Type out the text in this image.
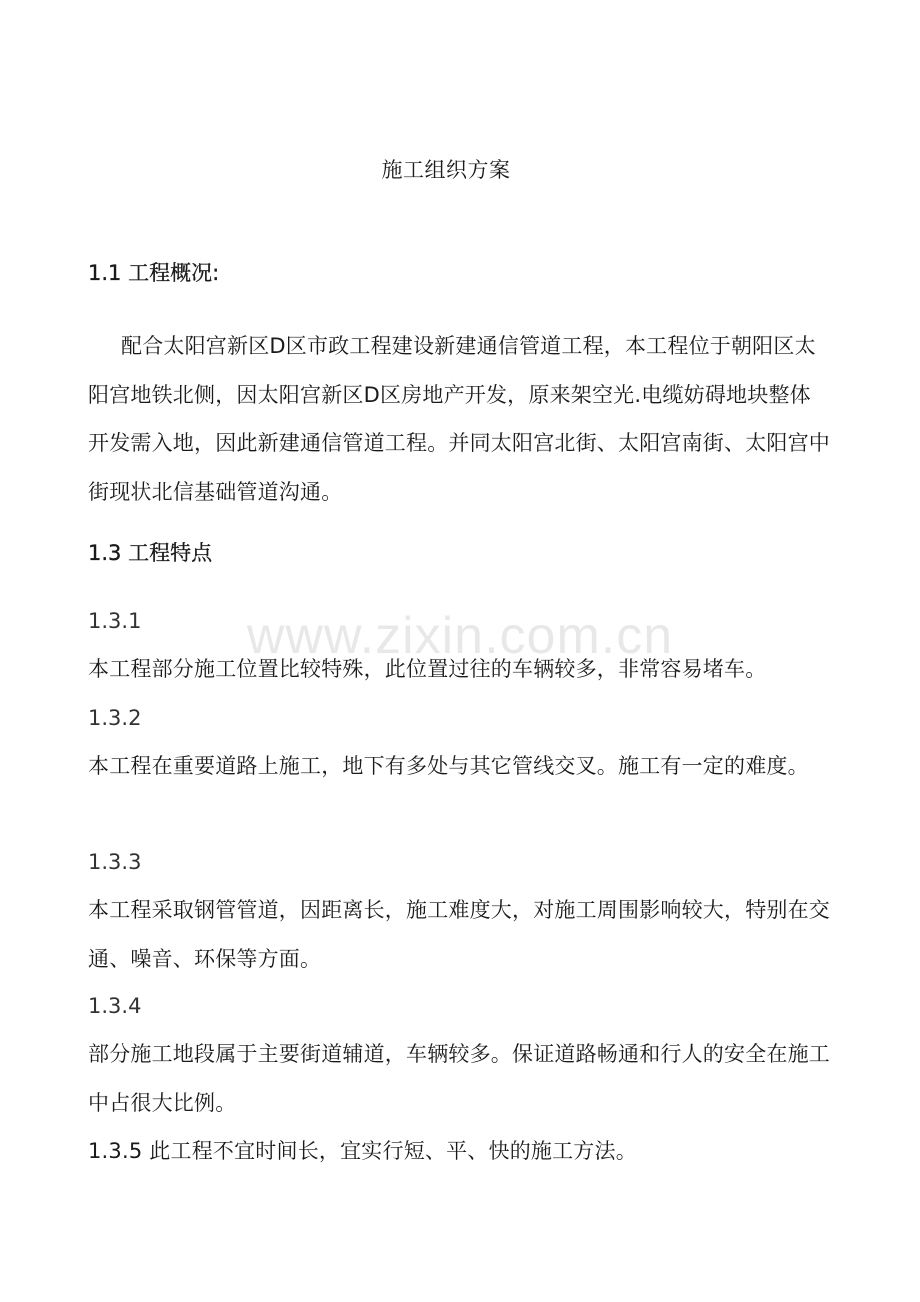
www.zixin.com.cn
施工组织方案
1.1 工程概况:
配合太阳宫新区D区市政工程建设新建通信管道工程，本工程位于朝阳区太阳宫地铁北侧，因太阳宫新区D区房地产开发，原来架空光.电缆妨碍地块整体开发需入地，因此新建通信管道工程。并同太阳宫北街、太阳宫南街、太阳宫中街现状北信基础管道沟通。
1.3 工程特点
1.3.1
本工程部分施工位置比较特殊，此位置过往的车辆较多，非常容易堵车。
1.3.2
本工程在重要道路上施工，地下有多处与其它管线交叉。施工有一定的难度。
1.3.3
本工程采取钢管管道，因距离长，施工难度大，对施工周围影响较大，特别在交通、噪音、环保等方面。
1.3.4
部分施工地段属于主要街道辅道，车辆较多。保证道路畅通和行人的安全在施工中占很大比例。
1.3.5 此工程不宜时间长，宜实行短、平、快的施工方法。
